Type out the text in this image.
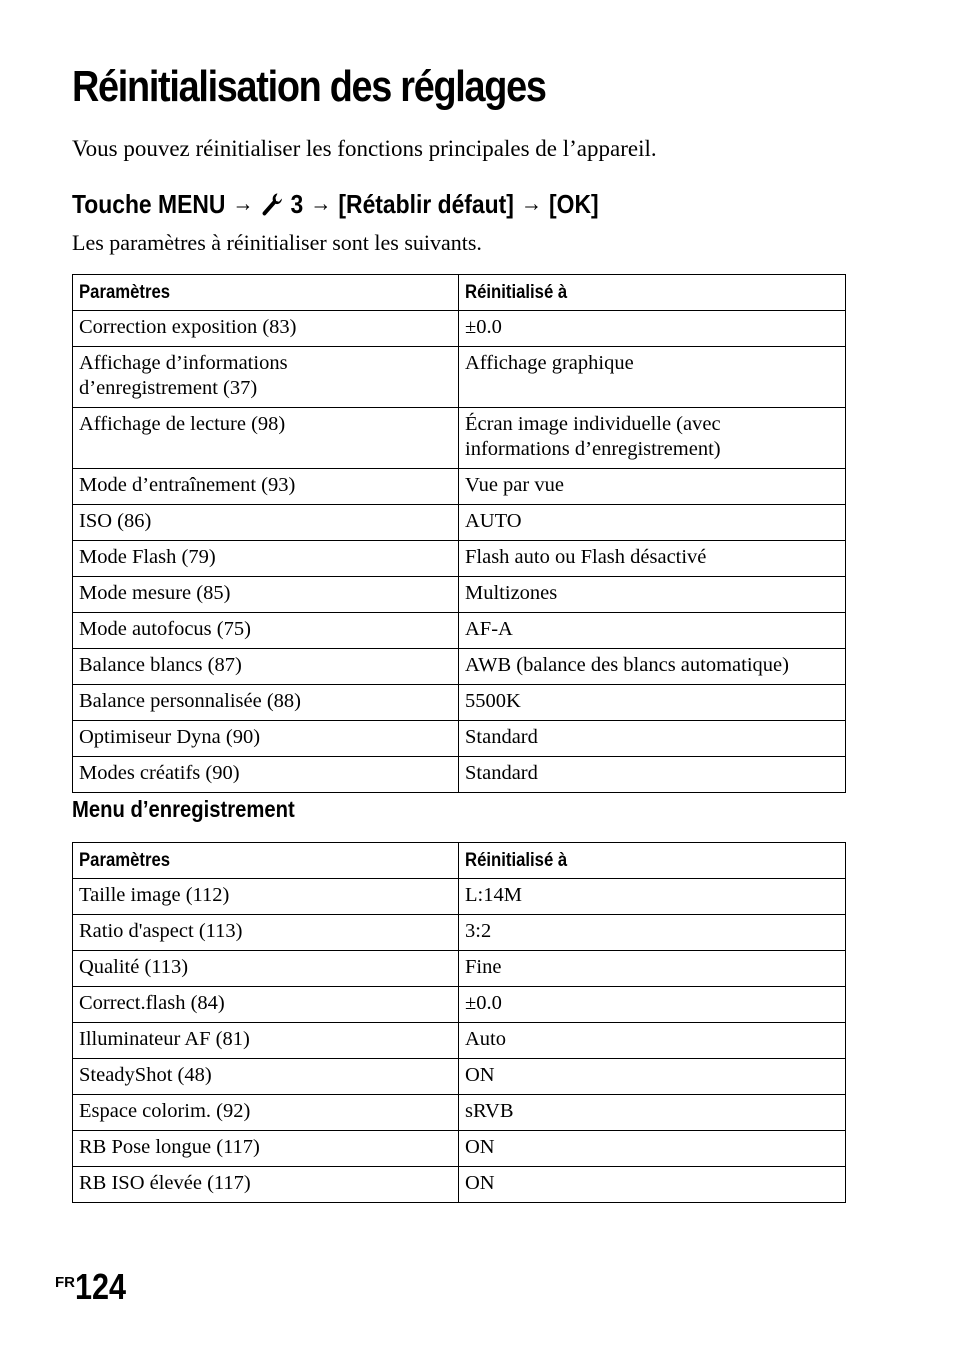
Réinitialisation des réglages

Vous pouvez réinitialiser les fonctions principales de l’appareil.

Touche MENU → 3 → [Rétablir défaut] → [OK]

Les paramètres à réinitialiser sont les suivants.

Paramètres	Réinitialisé à
Correction exposition (83)	±0.0
Affichage d’informations
d’enregistrement (37)	Affichage graphique
Affichage de lecture (98)	Écran image individuelle (avec
informations d’enregistrement)
Mode d’entraînement (93)	Vue par vue
ISO (86)	AUTO
Mode Flash (79)	Flash auto ou Flash désactivé
Mode mesure (85)	Multizones
Mode autofocus (75)	AF-A
Balance blancs (87)	AWB (balance des blancs automatique)
Balance personnalisée (88)	5500K
Optimiseur Dyna (90)	Standard
Modes créatifs (90)	Standard
Menu d’enregistrement
Paramètres	Réinitialisé à
Taille image (112)	L:14M
Ratio d'aspect (113)	3:2
Qualité (113)	Fine
Correct.flash (84)	±0.0
Illuminateur AF (81)	Auto
SteadyShot (48)	ON
Espace colorim. (92)	sRVB
RB Pose longue (117)	ON
RB ISO élevée (117)	ON
FR124
